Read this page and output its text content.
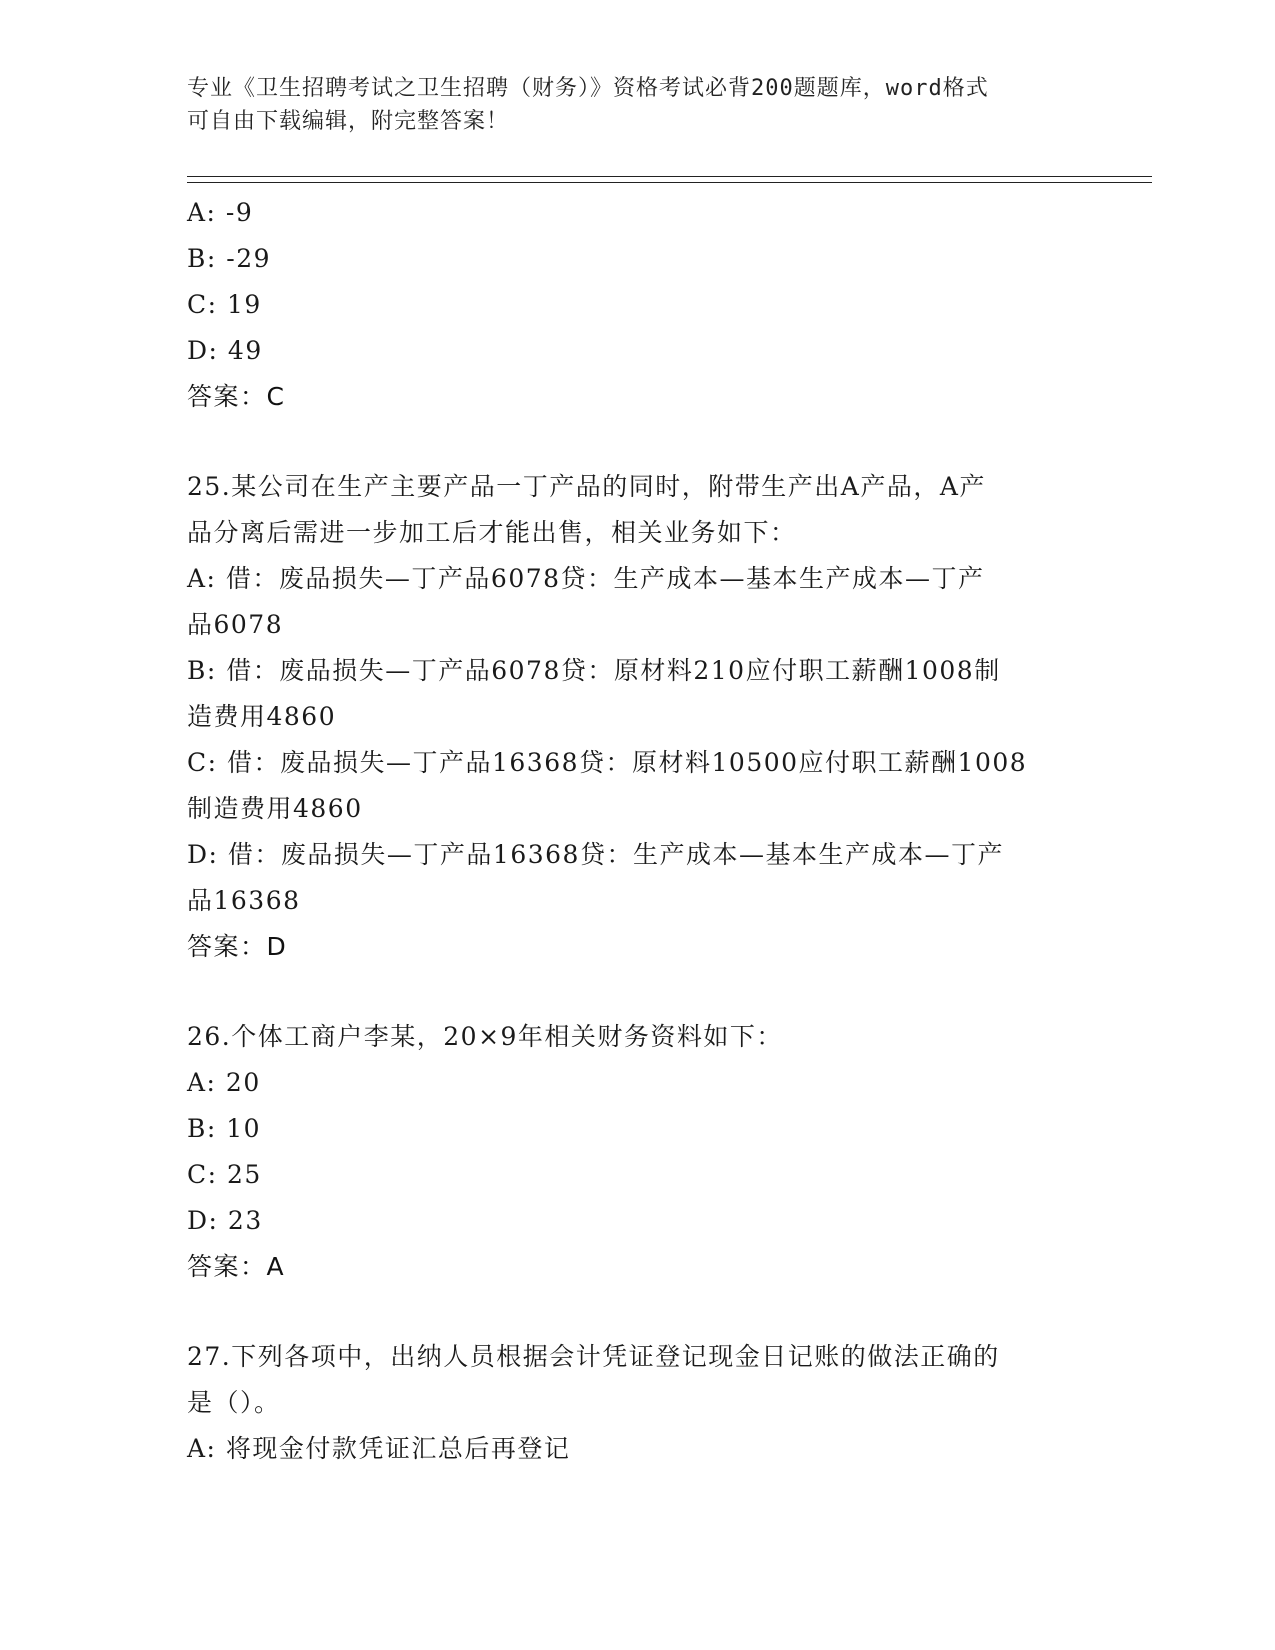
专业《卫生招聘考试之卫生招聘（财务）》资格考试必背200题题库，word格式
可自由下载编辑，附完整答案！
A: -9
B: -29
C: 19
D: 49
答案：C
25.某公司在生产主要产品一丁产品的同时，附带生产出A产品，A产
品分离后需进一步加工后才能出售，相关业务如下：
A: 借：废品损失—丁产品6078贷：生产成本—基本生产成本—丁产
品6078
B: 借：废品损失—丁产品6078贷：原材料210应付职工薪酬1008制
造费用4860
C: 借：废品损失—丁产品16368贷：原材料10500应付职工薪酬1008
制造费用4860
D: 借：废品损失—丁产品16368贷：生产成本—基本生产成本—丁产
品16368
答案：D
26.个体工商户李某，20×9年相关财务资料如下：
A: 20
B: 10
C: 25
D: 23
答案：A
27.下列各项中，出纳人员根据会计凭证登记现金日记账的做法正确的
是（）。
A: 将现金付款凭证汇总后再登记
